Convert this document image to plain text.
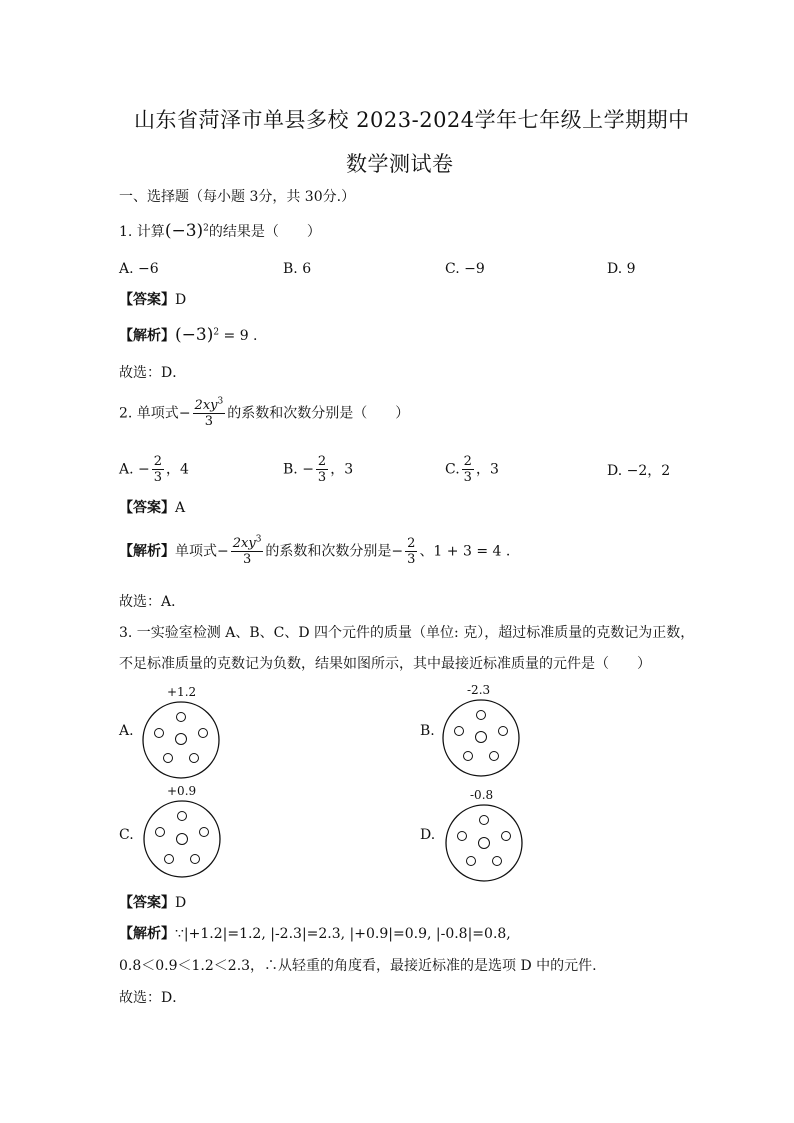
山东省菏泽市单县多校 2023-2024学年七年级上学期期中
数学测试卷
一、选择题（每小题 3分，共 30分.）
1. 计算$(-3)^2$的结果是（　　）
A. −6	B. 6	C. −9	D. 9
【答案】D
【解析】$(-3)^2 = 9$ .
故选：D．
2. 单项式− $\frac{2xy^3}{3}$ 的系数和次数分别是（　　）
A. − $\frac{2}{3}$ ，4	B. − $\frac{2}{3}$ ，3	C. $\frac{2}{3}$ ，3	D. −2，2
【答案】A
【解析】单项式− $\frac{2xy^3}{3}$ 的系数和次数分别是− $\frac{2}{3}$ 、1 + 3 = 4 .
故选：A．
3. 一实验室检测 A、B、C、D 四个元件的质量（单位: 克），超过标准质量的克数记为正数，
不足标准质量的克数记为负数，结果如图所示，其中最接近标准质量的元件是（　　）
+1.2
A.
-2.3
B.
+0.9
C.
-0.8
D.
【答案】D
【解析】∵|+1.2|=1.2, |-2.3|=2.3, |+0.9|=0.9, |-0.8|=0.8,
0.8＜0.9＜1.2＜2.3，∴从轻重的角度看，最接近标准的是选项 D 中的元件.
故选：D．
